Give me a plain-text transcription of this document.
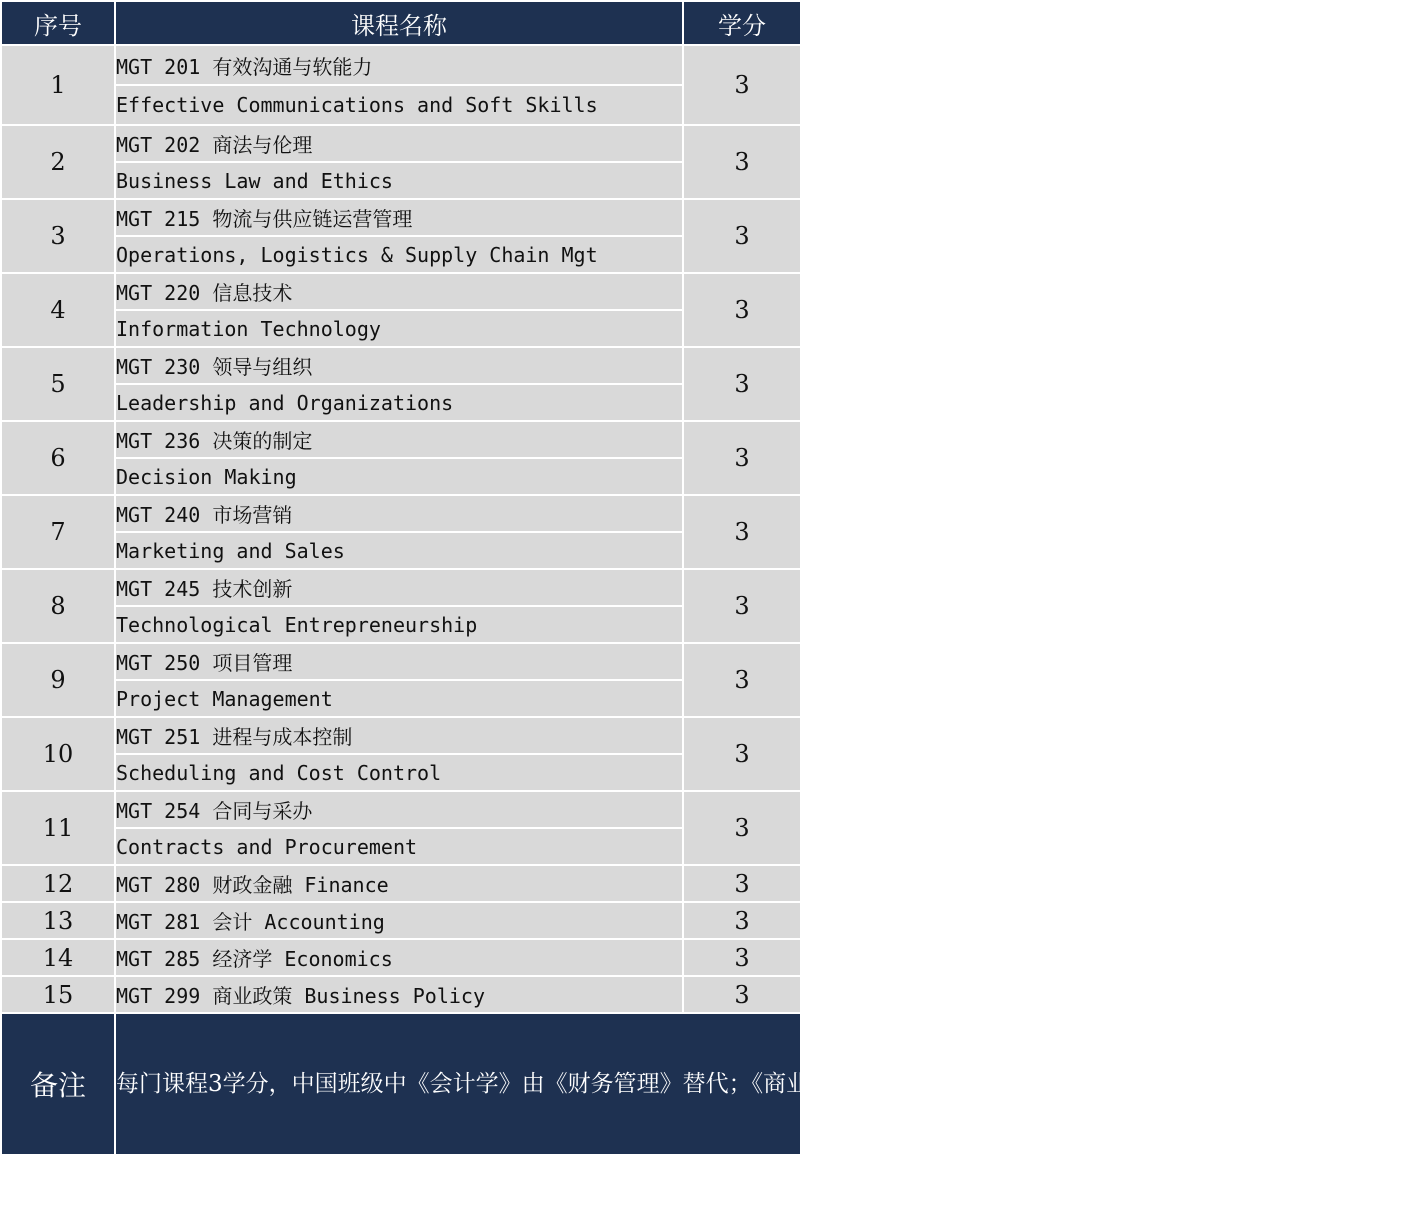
序号	课程名称	学分
1	MGT 201 有效沟通与软能力	3
	Effective Communications and Soft Skills	
2	MGT 202 商法与伦理	3
	Business Law and Ethics	
3	MGT 215 物流与供应链运营管理	3
	Operations, Logistics & Supply Chain Mgt	
4	MGT 220 信息技术	3
	Information Technology	
5	MGT 230 领导与组织	3
	Leadership and Organizations	
6	MGT 236 决策的制定	3
	Decision Making	
7	MGT 240 市场营销	3
	Marketing and Sales	
8	MGT 245 技术创新	3
	Technological Entrepreneurship	
9	MGT 250 项目管理	3
	Project Management	
10	MGT 251 进程与成本控制	3
	Scheduling and Cost Control	
11	MGT 254 合同与采办	3
	Contracts and Procurement	
12	MGT 280 财政金融 Finance	3
13	MGT 281 会计 Accounting	3
14	MGT 285 经济学 Economics	3
15	MGT 299 商业政策 Business Policy	3
备注	每门课程3学分，中国班级中《会计学》由《财务管理》替代；《商业政策》由《战略管理》替代；《经济学》改为《管理经济学》	
